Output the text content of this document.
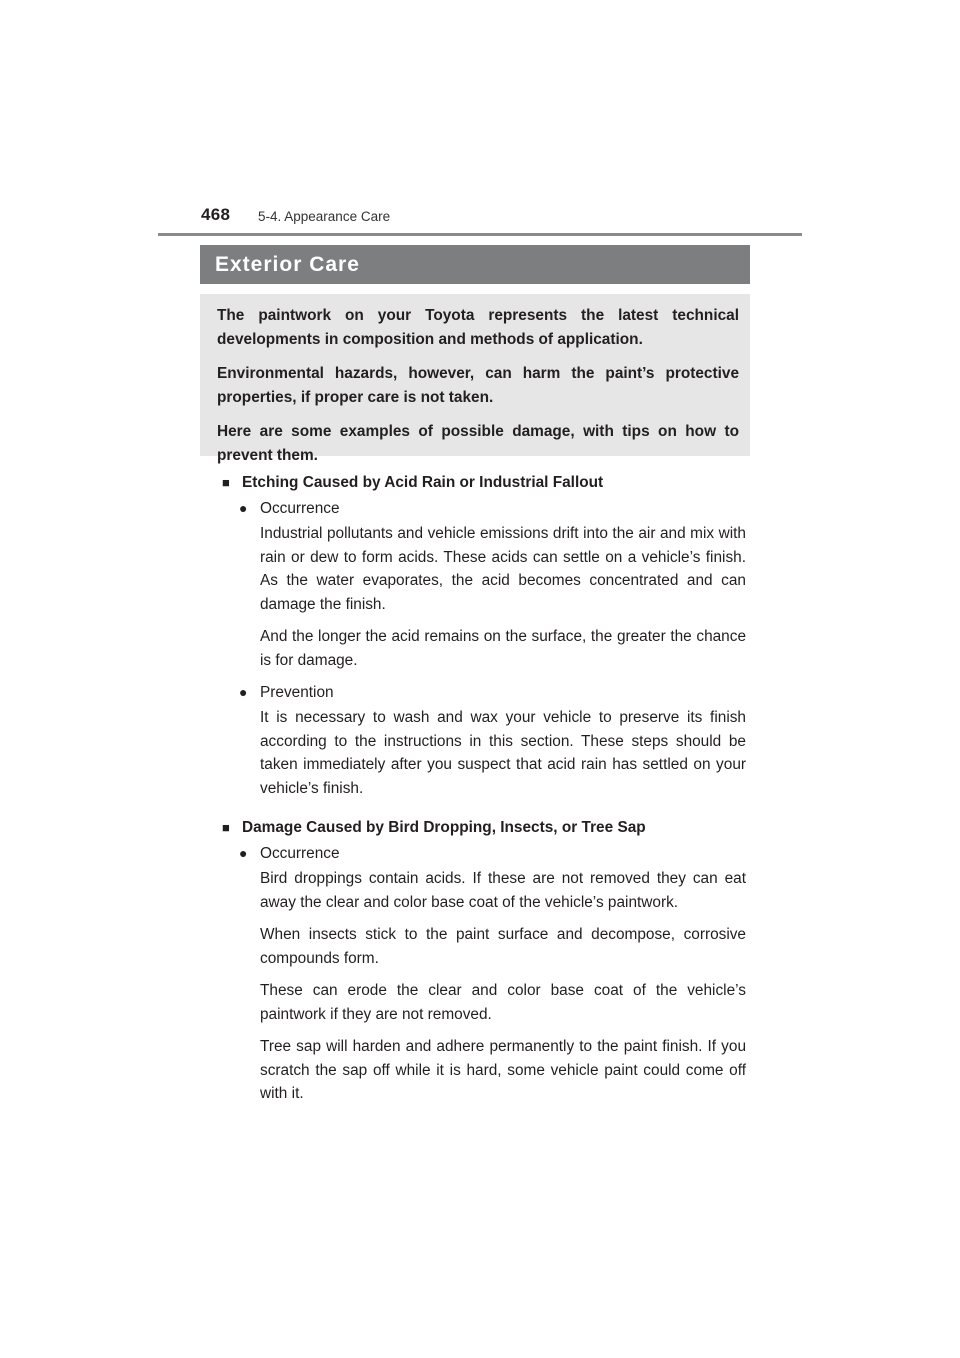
468 5-4. Appearance Care
Exterior Care

The paintwork on your Toyota represents the latest technical developments in composition and methods of application.

Environmental hazards, however, can harm the paint’s protective properties, if proper care is not taken.

Here are some examples of possible damage, with tips on how to prevent them.

■ Etching Caused by Acid Rain or Industrial Fallout
● Occurrence

Industrial pollutants and vehicle emissions drift into the air and mix with rain or dew to form acids. These acids can settle on a vehicle’s finish. As the water evaporates, the acid becomes concentrated and can damage the finish.

And the longer the acid remains on the surface, the greater the chance is for damage.

● Prevention

It is necessary to wash and wax your vehicle to preserve its finish according to the instructions in this section. These steps should be taken immediately after you suspect that acid rain has settled on your vehicle’s finish.

■ Damage Caused by Bird Dropping, Insects, or Tree Sap
● Occurrence

Bird droppings contain acids. If these are not removed they can eat away the clear and color base coat of the vehicle’s paintwork.

When insects stick to the paint surface and decompose, corrosive compounds form.

These can erode the clear and color base coat of the vehicle’s paintwork if they are not removed.

Tree sap will harden and adhere permanently to the paint finish. If you scratch the sap off while it is hard, some vehicle paint could come off with it.
